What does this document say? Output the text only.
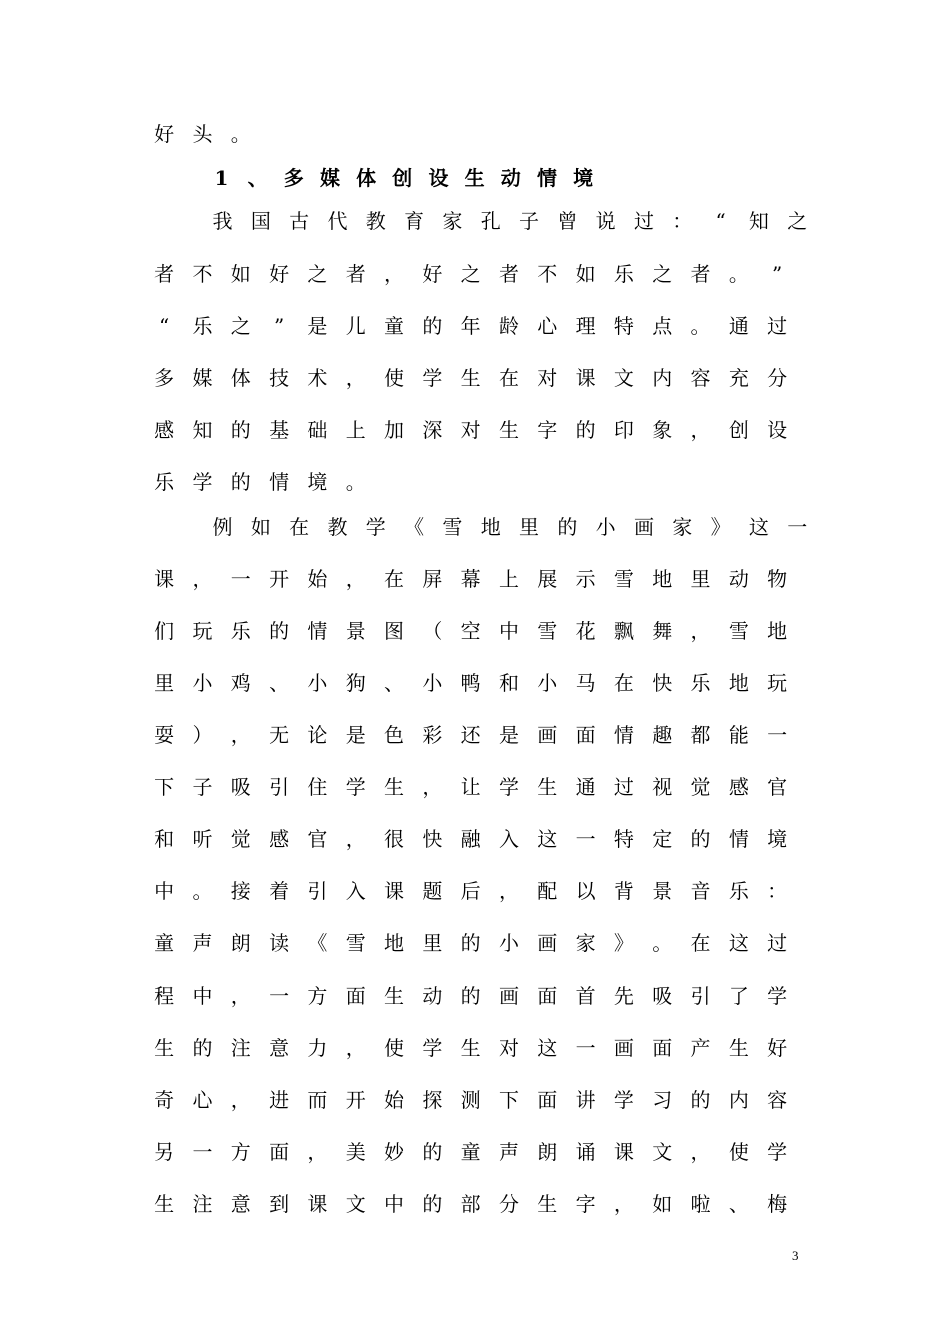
好 头 。
1 、 多 媒 体 创 设 生 动 情 境
我 国 古 代 教 育 家 孔 子 曾 说 过 ： “ 知 之
者 不 如 好 之 者 ， 好 之 者 不 如 乐 之 者 。 ”
“ 乐 之 ” 是 儿 童 的 年 龄 心 理 特 点 。 通 过
多 媒 体 技 术 ， 使 学 生 在 对 课 文 内 容 充 分
感 知 的 基 础 上 加 深 对 生 字 的 印 象 ， 创 设
乐 学 的 情 境 。
例 如 在 教 学 《 雪 地 里 的 小 画 家 》 这 一
课 ， 一 开 始 ， 在 屏 幕 上 展 示 雪 地 里 动 物
们 玩 乐 的 情 景 图 （ 空 中 雪 花 飘 舞 ， 雪 地
里 小 鸡 、 小 狗 、 小 鸭 和 小 马 在 快 乐 地 玩
耍 ） ， 无 论 是 色 彩 还 是 画 面 情 趣 都 能 一
下 子 吸 引 住 学 生 ， 让 学 生 通 过 视 觉 感 官
和 听 觉 感 官 ， 很 快 融 入 这 一 特 定 的 情 境
中 。 接 着 引 入 课 题 后 ， 配 以 背 景 音 乐 ：
童 声 朗 读 《 雪 地 里 的 小 画 家 》 。 在 这 过
程 中 ， 一 方 面 生 动 的 画 面 首 先 吸 引 了 学
生 的 注 意 力 ， 使 学 生 对 这 一 画 面 产 生 好
奇 心 ， 进 而 开 始 探 测 下 面 讲 学 习 的 内 容
另 一 方 面 ， 美 妙 的 童 声 朗 诵 课 文 ， 使 学
生 注 意 到 课 文 中 的 部 分 生 字 ， 如 啦 、 梅
3
